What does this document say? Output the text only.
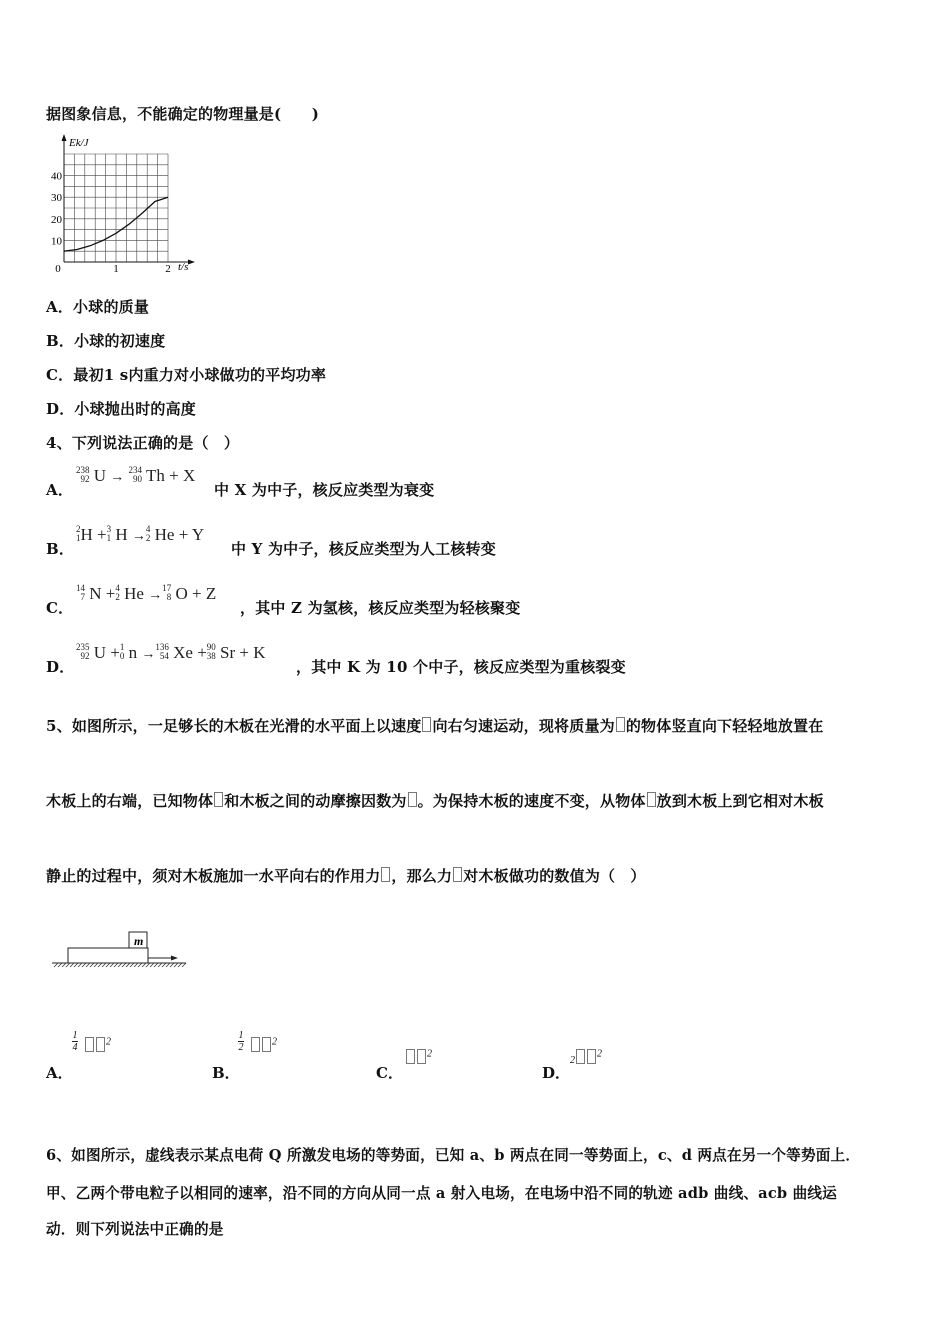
据图象信息，不能确定的物理量是(　　)
Ek/J
t/s
40
30
20
10
0	1	2
A．小球的质量
B．小球的初速度
C．最初1 s内重力对小球做功的平均功率
D．小球抛出时的高度
4、下列说法正确的是（　）
A．
238
92 U → 234
90 Th + X
中 X 为中子，核反应类型为衰变
B．
2
1 H + 3
1 H → 4
2 He + Y
中 Y 为中子，核反应类型为人工核转变
C．
14
7 N + 4
2 He → 17
8 O + Z
，其中 Z 为氢核，核反应类型为轻核聚变
D．
235
92 U + 1
0 n → 136
54 Xe + 90
38 Sr + K
，其中 K 为 10 个中子，核反应类型为重核裂变
5、如图所示，一足够长的木板在光滑的水平面上以速度 向右匀速运动，现将质量为 的物体竖直向下轻轻地放置在
木板上的右端，已知物体 和木板之间的动摩擦因数为 。为保持木板的速度不变，从物体 放到木板上到它相对木板
静止的过程中，须对木板施加一水平向右的作用力 ，那么力 对木板做功的数值为（　）
m
A．
1
4	$^2$
B．
1
2	$^2$
C．
$^2$
D．
$2^2$
6、如图所示，虚线表示某点电荷 Q 所激发电场的等势面，已知 a、b 两点在同一等势面上，c、d 两点在另一个等势面上．
甲、乙两个带电粒子以相同的速率，沿不同的方向从同一点 a 射入电场，在电场中沿不同的轨迹 adb 曲线、acb 曲线运
动．则下列说法中正确的是
